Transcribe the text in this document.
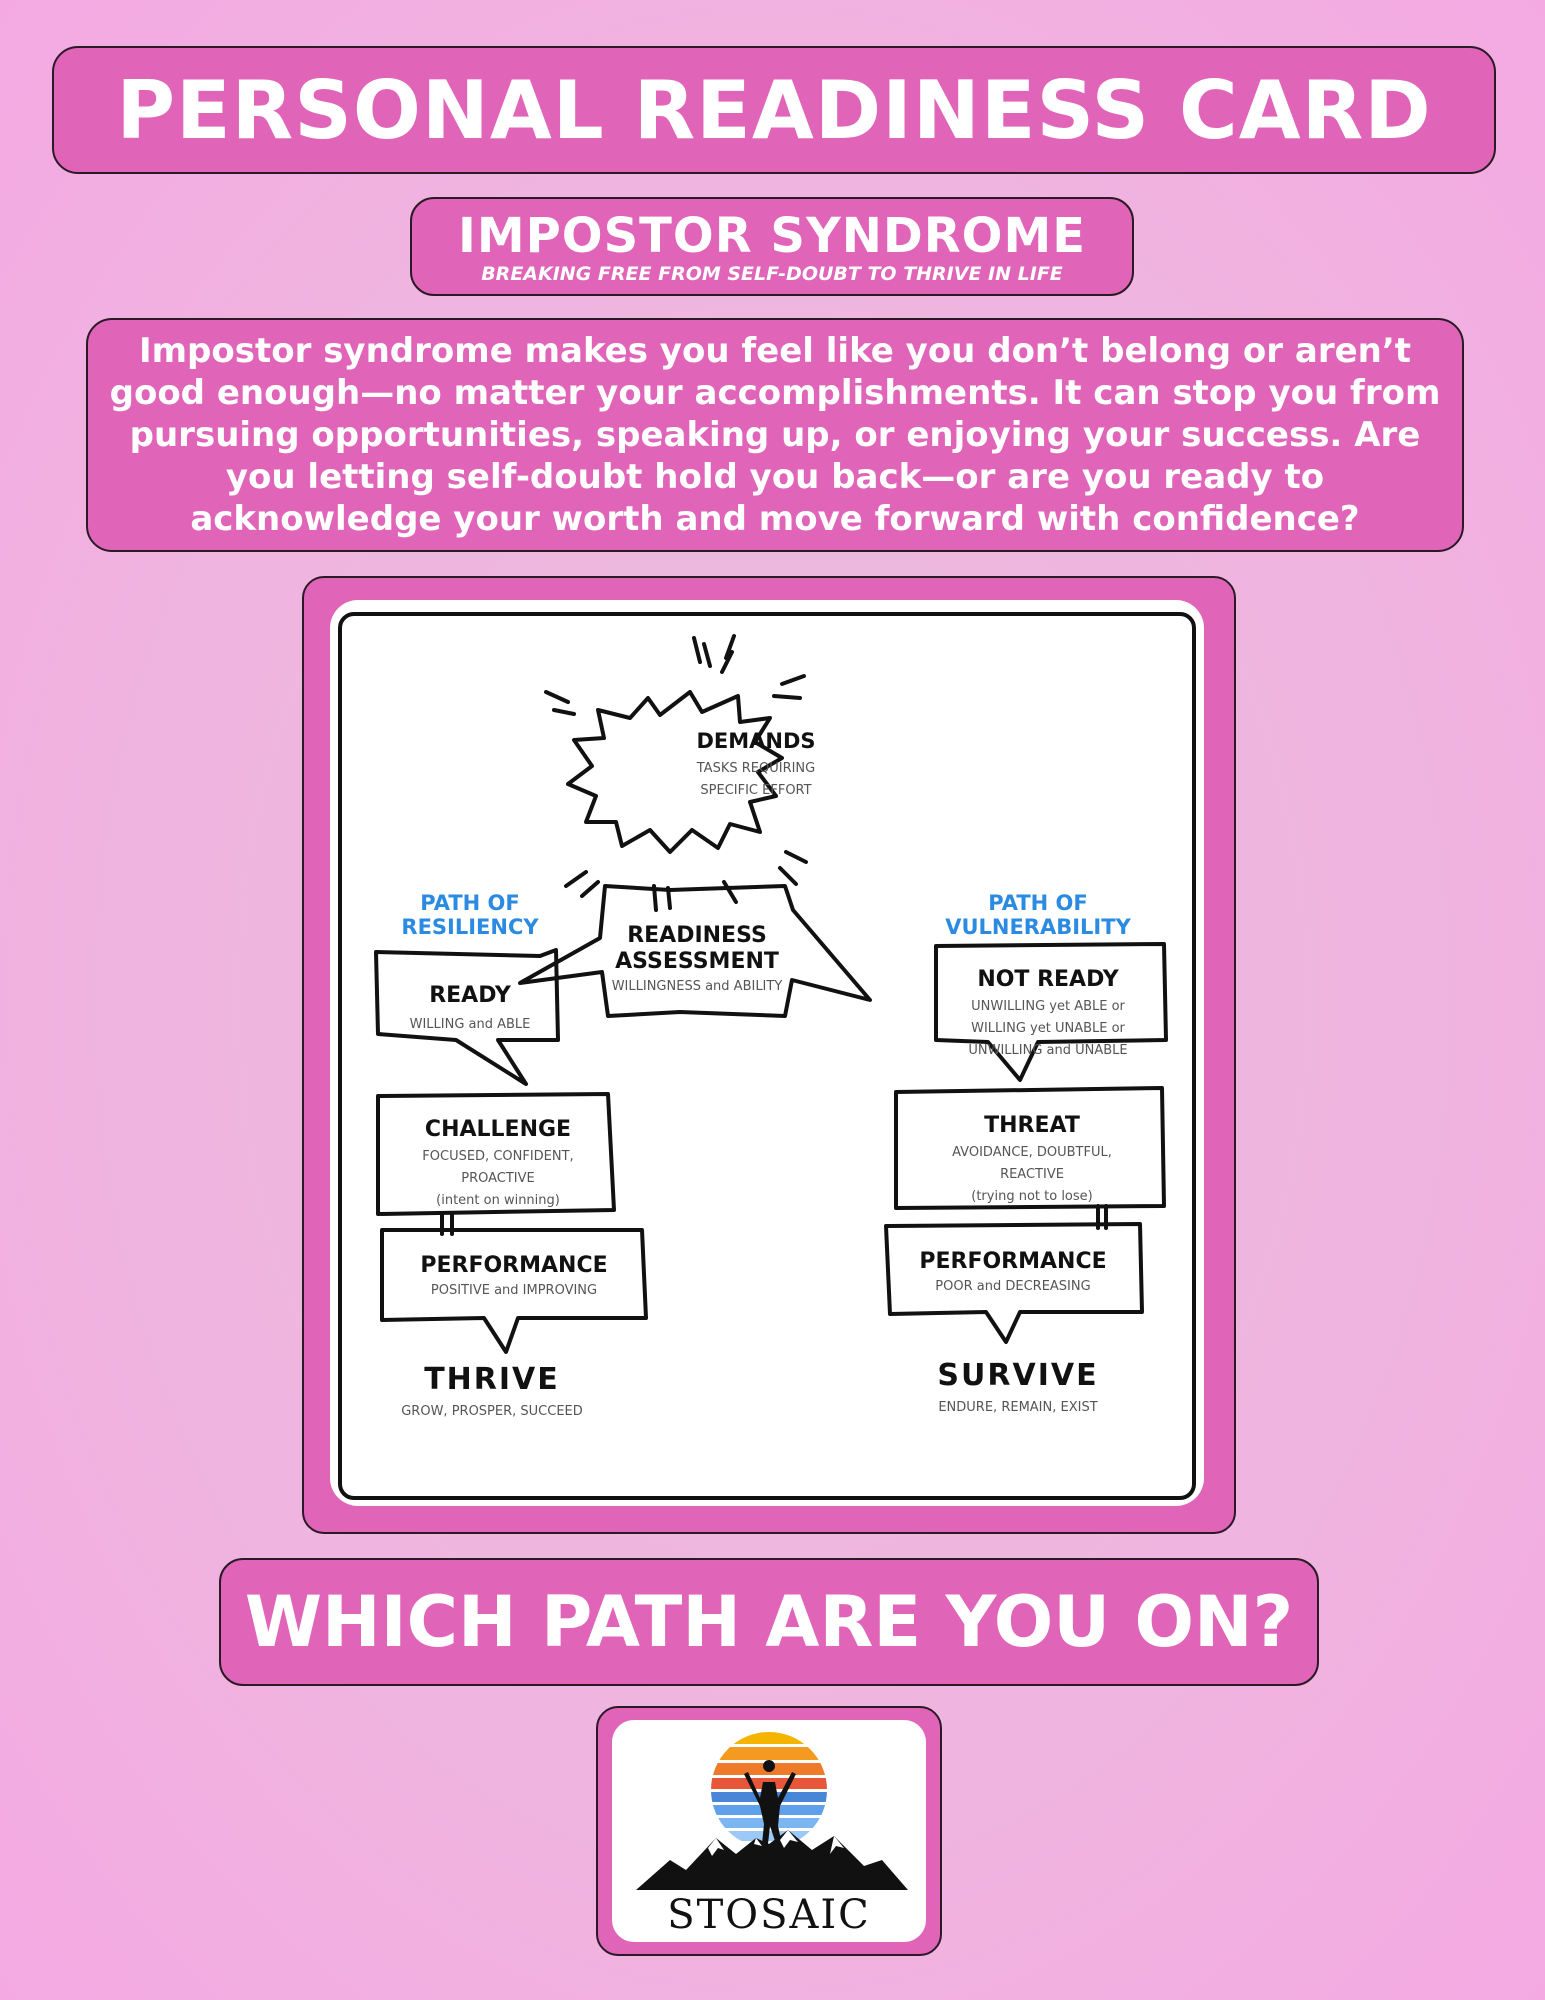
PERSONAL READINESS CARD
IMPOSTOR SYNDROME
BREAKING FREE FROM SELF-DOUBT TO THRIVE IN LIFE

Impostor syndrome makes you feel like you don’t belong or aren’t good enough—no matter your accomplishments. It can stop you from pursuing opportunities, speaking up, or enjoying your success. Are you letting self-doubt hold you back—or are you ready to acknowledge your worth and move forward with confidence?

DEMANDS
TASKS REQUIRING
SPECIFIC EFFORT
READINESS
ASSESSMENT
WILLINGNESS and ABILITY
PATH OF
RESILIENCY
PATH OF
VULNERABILITY
READY
WILLING and ABLE
CHALLENGE
FOCUSED, CONFIDENT,
PROACTIVE
(intent on winning)
PERFORMANCE
POSITIVE and IMPROVING
THRIVE
GROW, PROSPER, SUCCEED
NOT READY
UNWILLING yet ABLE or
WILLING yet UNABLE or
UNWILLING and UNABLE
THREAT
AVOIDANCE, DOUBTFUL,
REACTIVE
(trying not to lose)
PERFORMANCE
POOR and DECREASING
SURVIVE
ENDURE, REMAIN, EXIST
WHICH PATH ARE YOU ON?
STOSAIC
